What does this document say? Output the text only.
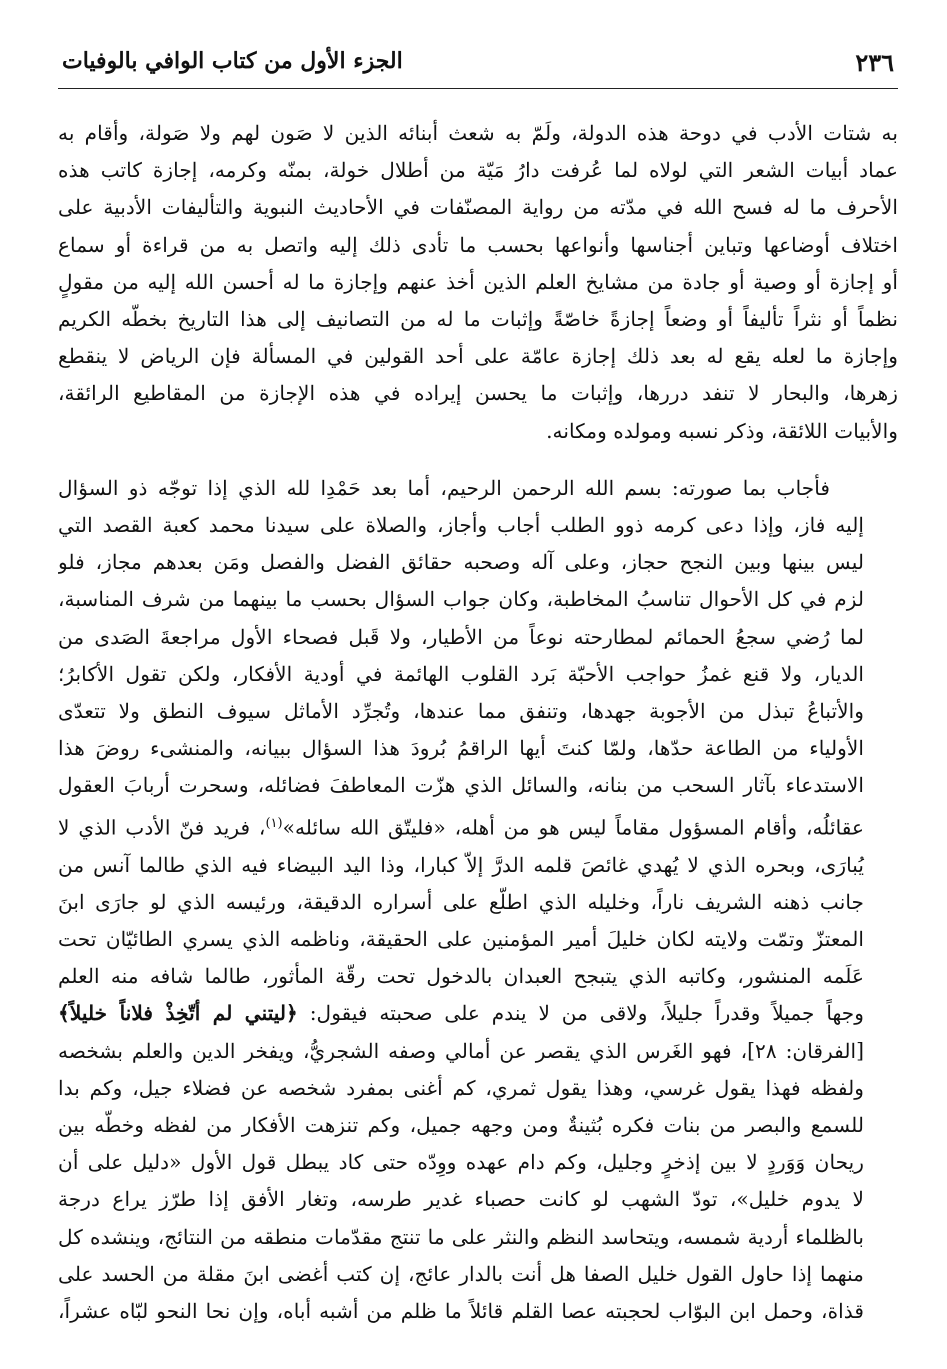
٢٣٦
الجزء الأول من كتاب الوافي بالوفيات

به شتات الأدب في دوحة هذه الدولة، ولَمّ به شعث أبنائه الذين لا صَون لهم ولا صَولة، وأقام به
عماد أبيات الشعر التي لولاه لما عُرفت دارُ مَيّة من أطلال خولة، بمنّه وكرمه، إجازة كاتب هذه
الأحرف ما له فسح الله في مدّته من رواية المصنّفات في الأحاديث النبوية والتأليفات الأدبية على
اختلاف أوضاعها وتباين أجناسها وأنواعها بحسب ما تأدى ذلك إليه واتصل به من قراءة أو سماع
أو إجازة أو وصية أو جادة من مشايخ العلم الذين أخذ عنهم وإجازة ما له أحسن الله إليه من مقولٍ
نظماً أو نثراً تأليفاً أو وضعاً إجازةً خاصّةً وإثبات ما له من التصانيف إلى هذا التاريخ بخطّه الكريم
وإجازة ما لعله يقع له بعد ذلك إجازة عامّة على أحد القولين في المسألة فإن الرياض لا ينقطع
زهرها، والبحار لا تنفد دررها، وإثبات ما يحسن إيراده في هذه الإجازة من المقاطيع الرائقة،
والأبيات اللائقة، وذكر نسبه ومولده ومكانه.

فأجاب بما صورته: بسم الله الرحمن الرحيم، أما بعد حَمْدِا لله الذي إذا توجّه ذو السؤال
إليه فاز، وإذا دعى كرمه ذوو الطلب أجاب وأجاز، والصلاة على سيدنا محمد كعبة القصد التي
ليس بينها وبين النجح حجاز، وعلى آله وصحبه حقائق الفضل والفصل ومَن بعدهم مجاز، فلو
لزم في كل الأحوال تناسبُ المخاطبة، وكان جواب السؤال بحسب ما بينهما من شرف المناسبة،
لما رُضي سجعُ الحمائم لمطارحته نوعاً من الأطيار، ولا قَبل فصحاء الأول مراجعةَ الصَدى من
الديار، ولا قنع غمزُ حواجب الأحبّة بَرد القلوب الهائمة في أودية الأفكار، ولكن تقول الأكابرُ؛
والأتباعُ تبذل من الأجوبة جهدها، وتنفق مما عندها، وتُجرِّد الأماثل سيوف النطق ولا تتعدّى
الأولياء من الطاعة حدّها، ولمّا كنتَ أيها الراقمُ بُرودَ هذا السؤال ببيانه، والمنشىء روضَ هذا
الاستدعاء بآثار السحب من بنانه، والسائل الذي هزّت المعاطفَ فضائله، وسحرت أربابَ العقول
عقائلُه، وأقام المسؤول مقاماً ليس هو من أهله، «فليتّق الله سائله»$^{(١)}$، فريد فنّ الأدب الذي لا
يُبارَى، وبحره الذي لا يُهدي غائصَ قلمه الدرَّ إلاّ كبارا، وذا اليد البيضاء فيه الذي طالما آنس من
جانب ذهنه الشريف ناراً، وخليله الذي اطلّع على أسراره الدقيقة، ورئيسه الذي لو جارَى ابنَ
المعتزّ وتمّت ولايته لكان خليلَ أمير المؤمنين على الحقيقة، وناظمه الذي يسري الطائيّان تحت
عَلَمه المنشور، وكاتبه الذي يتبجح العبدان بالدخول تحت رقّة المأثور، طالما شافه منه العلم
وجهاً جميلاً وقدراً جليلاً، ولاقى من لا يندم على صحبته فيقول: ﴿ليتني لم أتّخِذْ فلاناً خليلاً﴾
[الفرقان: ٢٨]، فهو الغَرس الذي يقصر عن أمالي وصفه الشجريُّ، ويفخر الدين والعلم بشخصه
ولفظه فهذا يقول غرسي، وهذا يقول ثمري، كم أغنى بمفرد شخصه عن فضلاء جيل، وكم بدا
للسمع والبصر من بنات فكره بُثينةٌ ومن وجهه جميل، وكم تنزهت الأفكار من لفظه وخطّه بين
ريحان وَوَردٍ لا بين إذخرٍ وجليل، وكم دام عهده ووِدّه حتى كاد يبطل قول الأول «دليل على أن
لا يدوم خليل»، تودّ الشهب لو كانت حصباء غدير طرسه، وتغار الأفق إذا طرّز يراع درجة
بالظلماء أردية شمسه، ويتحاسد النظم والنثر على ما تنتج مقدّمات منطقه من النتائج، وينشده كل
منهما إذا حاول القول خليل الصفا هل أنت بالدار عائج، إن كتب أغضى ابنَ مقلة من الحسد على
قذاة، وحمل ابن البوّاب لحجبته عصا القلم قائلاً ما ظلم من أشبه أباه، وإن نحا النحو لبّاه عشراً،
